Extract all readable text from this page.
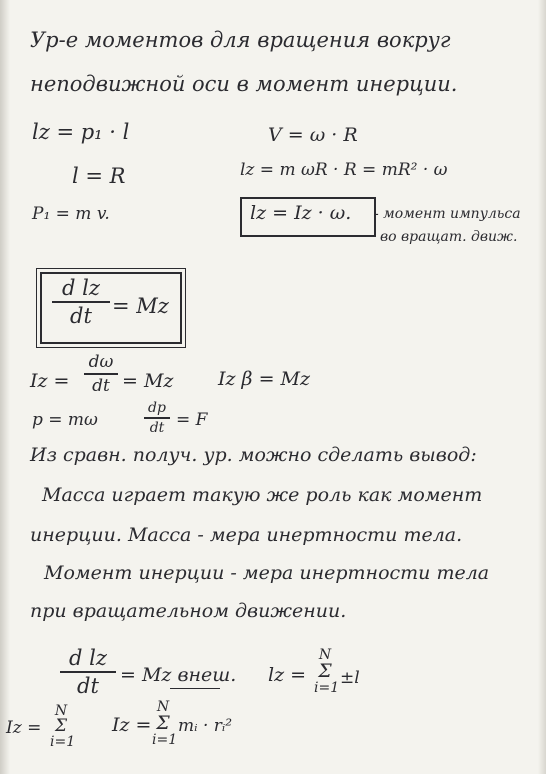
Ур-е моментов для вращения вокруг
неподвижной оси в момент инерции.
lz = p₁ · l
l = R
P₁ = m v.
V = ω · R
lz = m ωR · R = mR² · ω
lz = Iz · ω. - момент импульса
во вращат. движ.
d lz
dt = Mz
Iz =
dω
dt = Mz Iz β = Mz
p = mω
dp
dt = F
Из сравн. получ. ур. можно сделать вывод:
Масса играет такую же роль как момент
инерции. Масса - мера инертности тела.
Момент инерции - мера инертности тела
при вращательном движении.
d lz
dt	= Mz внеш. lz =
N
Σ
i=1 ±l
Iz =
N
Σ
i=1
Iz =
N
Σ
i=1
mᵢ · rᵢ²
